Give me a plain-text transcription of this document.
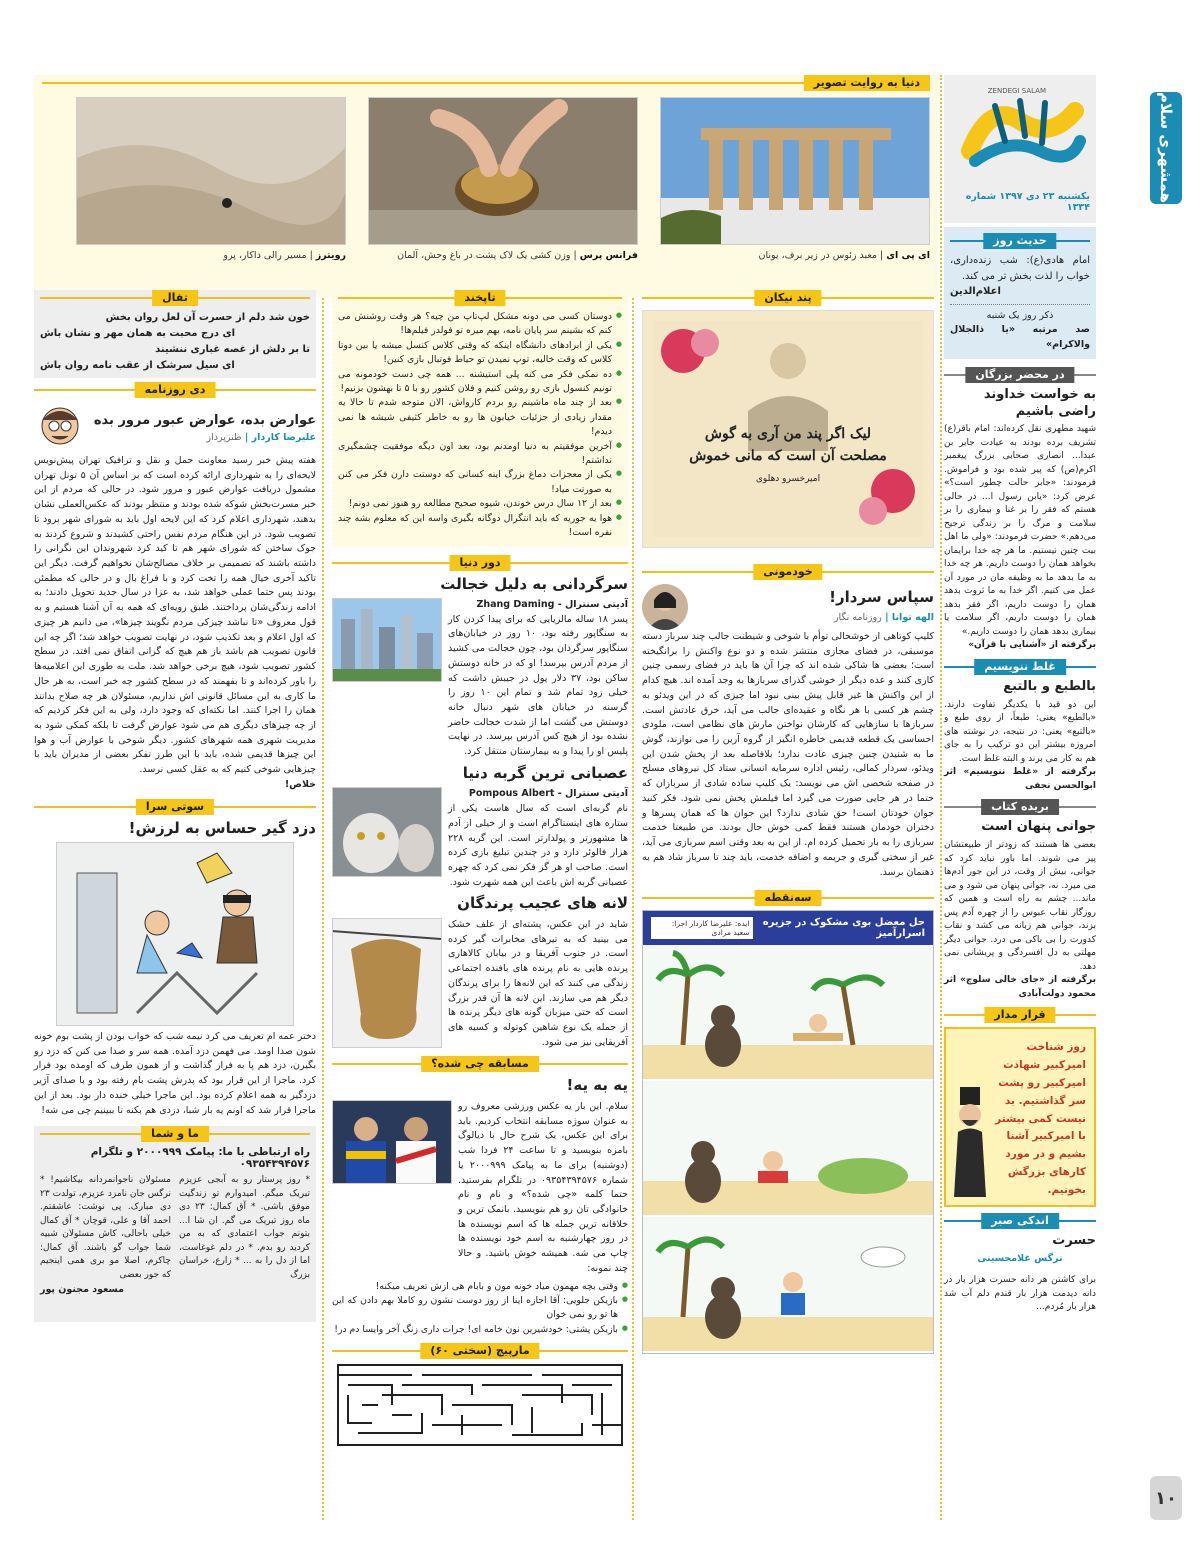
همشهری سلام
۱۰
ZENDEGI SALAM
یکشنبه ۲۳ دی ۱۳۹۷ شماره ۱۳۳۴
حدیث روز

امام هادی(ع): شب زنده‌داری، خواب را لذت بخش تر می کند.

اعلام‌الدین

ذکر روز یک شنبه

صد مرتبه «یا ذالجلال والاکرام»

در محضر بزرگان
به خواست خداوند راضی باشیم

شهید مطهری نقل کرده‌اند: امام باقر(ع) تشریف برده بودند به عیادت جابر بن عبدا... انصاری صحابی بزرگ پیغمبر اکرم(ص) که پیر شده بود و فراموش. فرمودند: «جابر حالت چطور است؟» عرض کرد: «یابن رسول ا... در حالی هستم که فقر را بر غنا و بیماری را بر سلامت و مرگ را بر زندگی ترجیح می‌دهم.» حضرت فرمودند: «ولی ما اهل بیت چنین نیستیم. ما هر چه خدا برایمان بخواهد همان را دوست داریم. هر چه خدا به ما بدهد ما به وظیفه مان در مورد آن عمل می کنیم. اگر خدا به ما ثروت بدهد همان را دوست داریم، اگر فقر بدهد همان را دوست داریم، اگر سلامت یا بیماری بدهد همان را دوست داریم.»

برگرفته از «آشنایی با قرآن»

غلط ننویسیم
بالطبع و بالتبع

این دو قید با یکدیگر تفاوت دارند. «بالطبع» یعنی: طبعاً، از روی طبع و «بالتبع» یعنی: در نتیجه، در نوشته های امروزه بیشتر این دو ترکیب را به جای هم به کار می برند و البته غلط است.

برگرفته از «غلط ننویسیم» اثر ابوالحسن نجفی

بریده کتاب
جوانی پنهان است

بعضی ها هستند که زودتر از طبیعتشان پیر می شوند. اما باور نباید کرد که جوانی، بیش از وقت، در این جور آدم‌ها می میرد. نه، جوانی پنهان می شود و می ماند... چشم به راه است و همین که روزگار نقاب عبوس را از چهره آدم پس بزند، جوانی هم زبانه می کشد و نقاب کدورت را بی باکی می درد. جوانی دیگر مهلتی به دل افسردگی و پریشانی نمی دهد.

برگرفته از «جای خالی سلوچ» اثر محمود دولت‌آبادی

قرار مدار
روز شناخت امیرکبیر شهادت امیرکبیر رو پشت سر گذاشتیم. بد نیست کمی بیشتر با امیرکبیر آشنا بشیم و در مورد کارهای بزرگش بخونیم.
اندکی صبر
حسرت
نرگس غلامحسینی

برای کاشتن هر دانه حسرت هزار بار در دانه دیدمت هزار بار قندم دلم آب شد هزار بار مُردم...

دنیا به روایت تصویر
ای پی ای | معبد زئوس در زیر برف، یونان
فرانس پرس | وزن کشی یک لاک پشت در باغ وحش، آلمان
رویترز | مسیر رالی داکار، پرو
پند نیکان
لیک اگر پند من آری به گوش
مصلحت آن است که مانی خموش
امیرخسرو دهلوی
خودمونی
سپاس سردار!
الهه توانا | روزنامه نگار

کلیپ کوتاهی از خوشحالی توأم با شوخی و شیطنت جالب چند سرباز دسته موسیقی، در فضای مجازی منتشر شده و دو نوع واکنش را برانگیخته است؛ بعضی ها شاکی شده اند که چرا آن ها باید در فضای رسمی چنین کاری کنند و عده دیگر از خوشی گذرای سربازها به وجد آمده اند. هیچ کدام از این واکنش ها غیر قابل پیش بینی نبود اما چیزی که در این ویدئو به چشم هر کسی با هر نگاه و عقیده‌ای جالب می آید، خرق عادتش است. سربازها با سازهایی که کارشان نواختن مارش های نظامی است، ملودی احساسی یک قطعه قدیمی خاطره انگیز از گروه آرین را می نوازند، گوش ما به شنیدن چنین چیزی عادت ندارد؛ بلافاصله بعد از پخش شدن این ویدئو، سردار کمالی، رئیس اداره سرمایه انسانی ستاد کل نیروهای مسلح در صفحه شخصی اش می نویسد: یک کلیپ ساده شادی از سربازان که حتما در هر جایی صورت می گیرد اما فیلمش پخش نمی شود. فکر کنید جوان خودتان است! حق شادی ندارد؟ این جوان ها که همان پسرها و دختران خودمان هستند فقط کمی خوش حال بودند. من طبیعتا خدمت سربازی را به بار تحمیل کرده ام. از این به بعد وقتی اسم سربازی می آید، غیر از سختی گیری و جریمه و اضافه خدمت، باید چند تا سرباز شاد هم به ذهنمان برسد.

سه‌نقطه
حل معضل بوی مشکوک در جزیره اسرارآمیز
ایده: علیرضا کاردار اجرا: سعید مرادی
تاپخند
● دوستان کسی می دونه مشکل لپ‌تاپ من چیه؟ هر وقت روشنش می کنم که بشینم سر پایان نامه، بهم میره تو فولدر فیلم‌ها!
● یکی از ابرادهای دانشگاه اینکه که وقتی کلاس کنسل میشه یا بین دوتا کلاس که وقت خالیه، توپ نمیدن تو حیاط فوتبال بازی کنین!
● ده نمکی فکر می کنه پلی استیشنه ... همه چی دست خودمونه می تونیم کنسول بازی رو روشن کنیم و فلان کشور رو با ۵ تا بهشون بزنیم!
● بعد از چند ماه ماشینم رو بردم کارواش، الان متوجه شدم تا حالا یه مقدار زیادی از جزئیات خیابون ها رو به خاطر کثیفی شیشه ها نمی دیدم!
● آخرین موفقیتم به دنیا اومدنم بود، بعد اون دیگه موفقیت چشمگیری نداشتم!
● یکی از معجزات دماغ بزرگ اینه کسانی که دوستت دارن فکر می کنن به صورتت میاد!
● بعد از ۱۲ سال درس خوندن، شیوه صحیح مطالعه رو هنوز نمی دونم!
● هوا یه جوریه که باید انتگرال دوگانه بگیری واسه این که معلوم بشه چند نفره است!
دور دنیا
سرگردانی به دلیل خجالت

آدیتی سنترال - Zhang Daming

پسر ۱۸ ساله مالزیایی که برای پیدا کردن کار به سنگاپور رفته بود، ۱۰ روز در خیابان‌های سنگاپور سرگردان بود، چون خجالت می کشید از مردم آدرس بپرسد! او که در خانه دوستش ساکن بود، ۳۷ دلار پول در جیبش داشت که خیلی زود تمام شد و تمام این ۱۰ روز را گرسنه در خیابان های شهر دنبال خانه دوستش می گشت اما از شدت خجالت حاضر نشده بود از هیچ کس آدرس بپرسد. در نهایت پلیس او را پیدا و به بیمارستان منتقل کرد.

عصبانی ترین گربه دنیا

آدیتی سنترال - Pompous Albert

نام گربه‌ای است که سال هاست یکی از ستاره های اینستاگرام است و از خیلی از آدم ها مشهورتر و پولدارتر است. این گربه ۲۲۸ هزار فالوئر دارد و در چندین تبلیغ بازی کرده است. صاحب او هر گز فکر نمی کرد که چهره عصبانی گربه اش باعث این همه شهرت شود.

لانه های عجیب پرندگان

شاید در این عکس، پشته‌ای از علف خشک می بینید که به تیرهای مخابرات گیر کرده است. در جنوب آفریقا و در بیابان کالاهاری پرنده هایی به نام پرنده های بافنده اجتماعی زندگی می کنند که این لانه‌ها را برای پرندگان دیگر هم می سازند. این لانه ها آن قدر بزرگ است که حتی میزبان گونه های دیگر پرنده ها از جمله یک نوع شاهین کوتوله و کسیه های آفریقایی نیز می شود.

مسابقه چی شده؟
یه به یه!

سلام. این بار یه عکس ورزشی معروف رو به عنوان سوژه مسابقه انتخاب کردیم. باید برای این عکس، یک شرح حال با دیالوگ بامزه بنویسید و تا ساعت ۲۴ فردا شب (دوشنبه) برای ما به پیامک ۲۰۰۰۹۹۹ یا شماره ۰۹۳۵۴۳۹۴۵۷۶ در تلگرام بفرستید. حتما کلمه «چی شده؟» و نام و نام خانوادگی تان رو هم بنویسید. بانمک ترین و خلاقانه ترین جمله ها که اسم نویسنده ها در روز چهارشنبه به اسم خود نویسنده ها چاپ می شه. همیشه خوش باشید. و حالا چند نمونه:

● وقتی بچه مهمون میاد خونه مون و بابام هی ازش تعریف میکنه!
● بازیکن جلویی: آقا اجازه اینا از روز دوست نشون رو کاملا بهم دادن که این ها تو رو نمی خوان
● بازیکن پشتی: خودشیرین نون خامه ای! جرات داری زنگ آخر وایسا دم در!
مارپیچ (سختی ۶۰)
تفال
خون شد دلم از حسرت آن لعل روان بخش
ای درج محبت به همان مهر و نشان باش
تا بر دلش از غصه غباری ننشیند
ای سیل سرشک از عقب نامه روان باش
دی روزنامه
عوارض بده، عوارض عبور مرور بده
علیرضا کاردار | طنزپرداز

هفته پیش خبر رسید معاونت حمل و نقل و ترافیک تهران پیش‌نویس لایحه‌ای را به شهرداری ارائه کرده است که بر اساس آن ۵ تونل تهران مشمول دریافت عوارض عبور و مرور شود. در حالی که مردم از این خبر مسرت‌بخش شوکه شده بودند و منتظر بودند که عکس‌العملی نشان بدهند، شهرداری اعلام کرد که این لایحه اول باید به شورای شهر برود تا تصویب شود. در این هنگام مردم نفس راحتی کشیدند و شروع کردند به جوک ساختن که شورای شهر هم تا کید کرد شهروندان این نگرانی را داشته باشند که تصمیمی بر خلاف مصالح‌شان نخواهیم گرفت. دیگر این تاکید آخری خیال همه را تخت کرد و با فراغ بال و در حالی که مطمئن بودند پس حتما عملی خواهد شد، به عزا در سال جدید تحویل دادند؛ به ادامه زندگی‌شان پرداختند. طبق رویه‌ای که همه به آن آشنا هستیم و به قول معروف «تا نباشد چیزکی مردم نگویند چیزها»، می دانیم هر چیزی که اول اعلام و بعد تکذیب شود، در نهایت تصویب خواهد شد؛ اگر چه این قانون تصویب هم باشد باز هم هیچ که گرانی اتفاق نمی افتد. در سطح کشور تصویب شود، هیچ برخی خواهد شد. ملت به طوری این اعلامیه‌ها را باور کرده‌اند و تا بفهمند که در سطح کشور چه خبر است، به هر حال ما کاری به این مسائل قانونی اش نداریم، مسئولان هر چه صلاح بدانند همان را اجرا کنند. اما نکته‌ای که وجود دارد، ولی به این فکر کردیم که از چه چیزهای دیگری هم می شود عوارض گرفت تا بلکه کمکی شود به مدیریت شهری همه شهرهای کشور. دیگر شوخی با عوارض آب و هوا این چیزها قدیمی شده، باید با این طرز تفکر بعضی از مدیران باید با چیزهایی شوخی کنیم که به عقل کسی نرسد.

خلاص!

سوتی سرا
دزد گیر حساس به لرزش!

دختر عمه ام تعریف می کرد نیمه شب که خواب بودن از پشت بوم خونه شون صدا اومد. می فهمن دزد آمده. همه سر و صدا می کنن که دزد رو بگیرن، دزد هم پا به فرار گذاشت و از همون طرف که اومده بود فرار کرد. ماجرا از این قرار بود که پدرش پشت بام رفته بود و با صدای آژیر دزدگیر به همه اعلام کرده بود. این ماجرا خیلی خنده دار بود. بعد از این ماجرا قرار شد که اونم یه بار شبا، دزدی هم بکنه تا ببینیم چی می شه!

ما و شما
راه ارتباطی با ما: پیامک ۲۰۰۰۹۹۹ و تلگرام ۰۹۳۵۴۳۹۴۵۷۶

* روز پرستار رو به آبجی عزیزم تبریک میگم. امیدوارم تو زندگیت موفق باشی. * آق کمال: ۲۳ دی ماه روز تبریک می گم. ان شا ا... بتونم جواب اعتمادی که به من کردید رو بدم. * در دلم غوغاست، اما از دل را به ... * زارع، خراسان بزرگ

مسئولان ناجوانمردانه بیکاشیم! * نرگس جان نامزد عزیزم، تولدت ۲۳ دی مبارک. پی نوشت: عاشقتم. احمد آقا و علی، قوچان * آق کمال خیلی باحالی، کاش مسئولان شبیه شما جواب گو باشند. آق کمال: چاکرم، اصلا مو بری همی اینجیم که جور بعضی

مسعود مجنون پور
